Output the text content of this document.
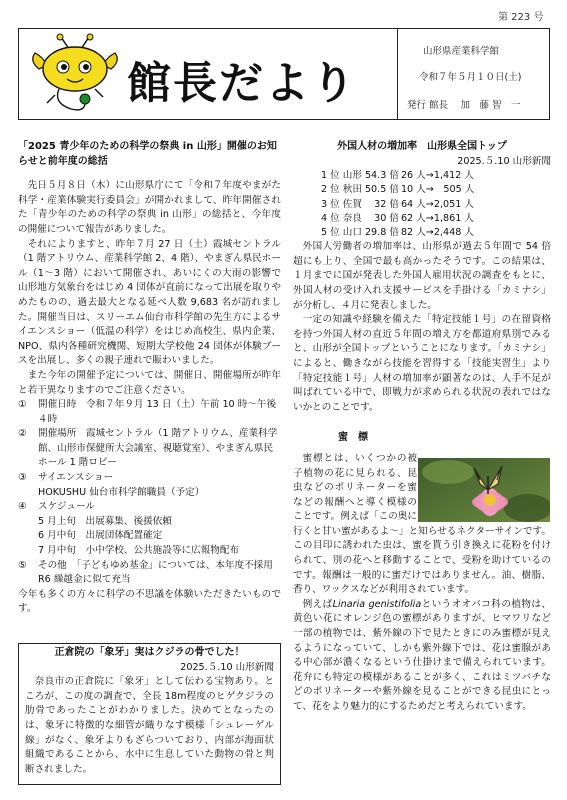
第 223 号
館長だより
山形県産業科学館
令和７年５月１０日(土)
発行 館長　 加　藤 智　一

「2025 青少年のための科学の祭典 in 山形」開催のお知らせと前年度の総括

先日５月８日（木）に山形県庁にて「令和７年度やまがた科学・産業体験実行委員会」が開かれまして、昨年開催された「青少年のための科学の祭典 in 山形」の総括と、今年度の開催について報告がありました。

それによりますと、昨年７月 27 日（土）霞城セントラル（1 階アトリウム、産業科学館 2、4 階）、やまぎん県民ホール（1～3 階）において開催され、あいにくの大雨の影響で山形地方気象台をはじめ 4 団体が直前になって出展を取りやめたものの、過去最大となる延べ人数 9,683 名が訪れました。開催当日は、スリーエム仙台市科学館の先生方によるサイエンスショー（低温の科学）をはじめ高校生、県内企業、NPO、県内各種研究機関、短期大学校他 24 団体が体験ブースを出展し、多くの親子連れで賑わいました。

また今年の開催予定については、開催日、開催場所が昨年と若干異なりますのでご注意ください。

①	開催日時　令和７年９月 13 日（土）午前 10 時～午後４時
②	開催場所　霞城セントラル（1 階アトリウム、産業科学館、山形市保健所大会議室、視聴覚室）、やまぎん県民ホール 1 階ロビー
③	サイエンスショー
HOKUSHU 仙台市科学館職員（予定）
④	スケジュール
5 月上旬　出展募集、後援依頼
6 月中旬　出展団体配置確定
7 月中旬　小中学校、公共施設等に広報物配布
⑤	その他　「子どもゆめ基金」については、本年度不採用　R6 繰越金に似て充当

今年も多くの方々に科学の不思議を体験いただきたいものです。

正倉院の「象牙」実はクジラの骨でした！

2025.５.10 山形新聞

奈良市の正倉院に「象牙」として伝わる宝物あり。ところが、この度の調査で、全長 18m程度のヒゲクジラの肋骨であったことがわかりました。決めてとなったのは、象牙に特徴的な細管が織りなす模様「シュレーゲル線」がなく、象牙よりもざらついており、内部が海面状組織であることから、水中に生息していた動物の骨と判断されました。

外国人材の増加率　山形県全国トップ

2025.５.10 山形新聞

1 位	山形	54.3 倍	26 人→1,412 人
2 位	秋田	50.5 倍	10 人→　505 人
3 位	佐賀	32 倍	64 人→2,051 人
4 位	奈良	30 倍	62 人→1,861 人
5 位	山口	29.8 倍	82 人→2,448 人

外国人労働者の増加率は、山形県が過去５年間で 54 倍超にも上り、全国で最も高かったそうです。この結果は、１月までに国が発表した外国人雇用状況の調査をもとに、外国人材の受け入れ支援サービスを手掛ける「カミナシ」が分析し、４月に発表しました。

一定の知識や経験を備えた「特定技能１号」の在留資格を持つ外国人材の直近５年間の増え方を都道府県別でみると、山形が全国トップということになります。「カミナシ」によると、働きながら技能を習得する「技能実習生」より「特定技能１号」人材の増加率が顕著なのは、人手不足が叫ばれている中で、即戦力が求められる状況の表れではないかとのことです。

蜜　標

蜜標とは、いくつかの被子植物の花に見られる、昆虫などのポリネーターを蜜などの報酬へと導く模様のことです。例えば「この奥に行くと甘い蜜があるよ～」と知らせるネクターサインです。この目印に誘われた虫は、蜜を貰う引き換えに花粉を付けられて、別の花へと移動することで、受粉を助けているのです。報酬は一般的に蜜だけではありません。油、樹脂、香り、ワックスなどが利用されています。

例えばLinaria genistifoliaというオオバコ科の植物は、黄色い花にオレンジ色の蜜標がありますが、ヒマワリなど一部の植物では、紫外線の下で見たときにのみ蜜標が見えるようになっていて、しかも紫外線下では、花は蜜腺がある中心部が濃くなるという仕掛けまで備えられています。花弁にも特定の模様があることが多く、これはミツバチなどのポリネーターや紫外線を見ることができる昆虫にとって、花をより魅力的にするためだと考えられています。
